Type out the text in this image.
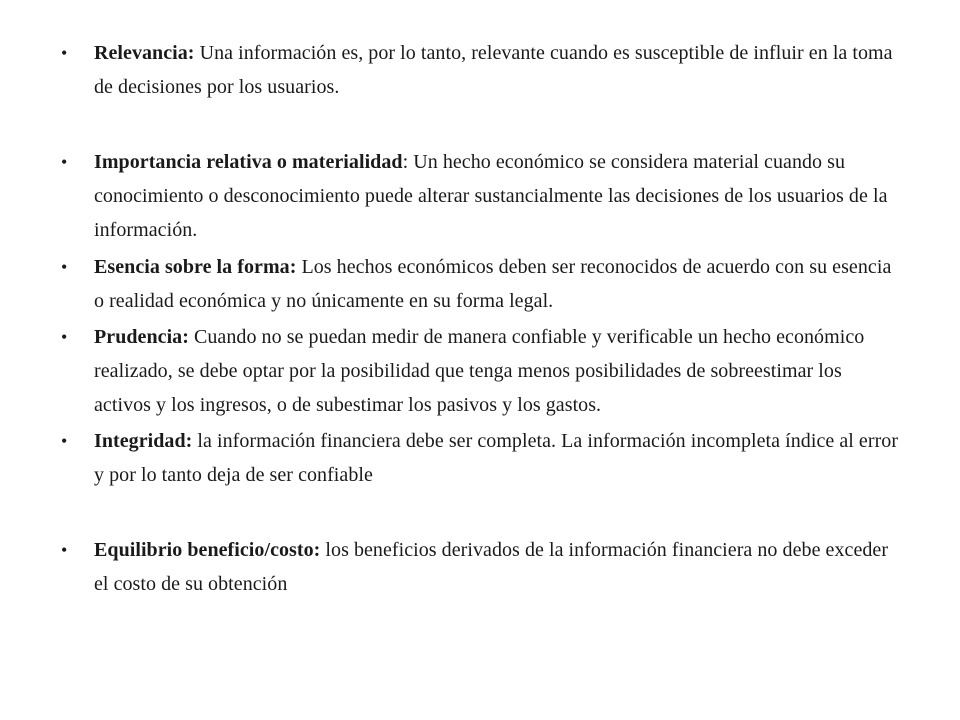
•	Relevancia: Una información es, por lo tanto, relevante cuando es susceptible de influir en la toma de decisiones por los usuarios.
•	Importancia relativa o materialidad: Un hecho económico se considera material cuando su conocimiento o desconocimiento puede alterar sustancialmente las decisiones de los usuarios de la información.
•	Esencia sobre la forma: Los hechos económicos deben ser reconocidos de acuerdo con su esencia o realidad económica y no únicamente en su forma legal.
•	Prudencia: Cuando no se puedan medir de manera confiable y verificable un hecho económico realizado, se debe optar por la posibilidad que tenga menos posibilidades de sobreestimar los activos y los ingresos, o de subestimar los pasivos y los gastos.
•	Integridad: la información financiera debe ser completa. La información incompleta índice al error y por lo tanto deja de ser confiable
•	Equilibrio beneficio/costo: los beneficios derivados de la información financiera no debe exceder el costo de su obtención
